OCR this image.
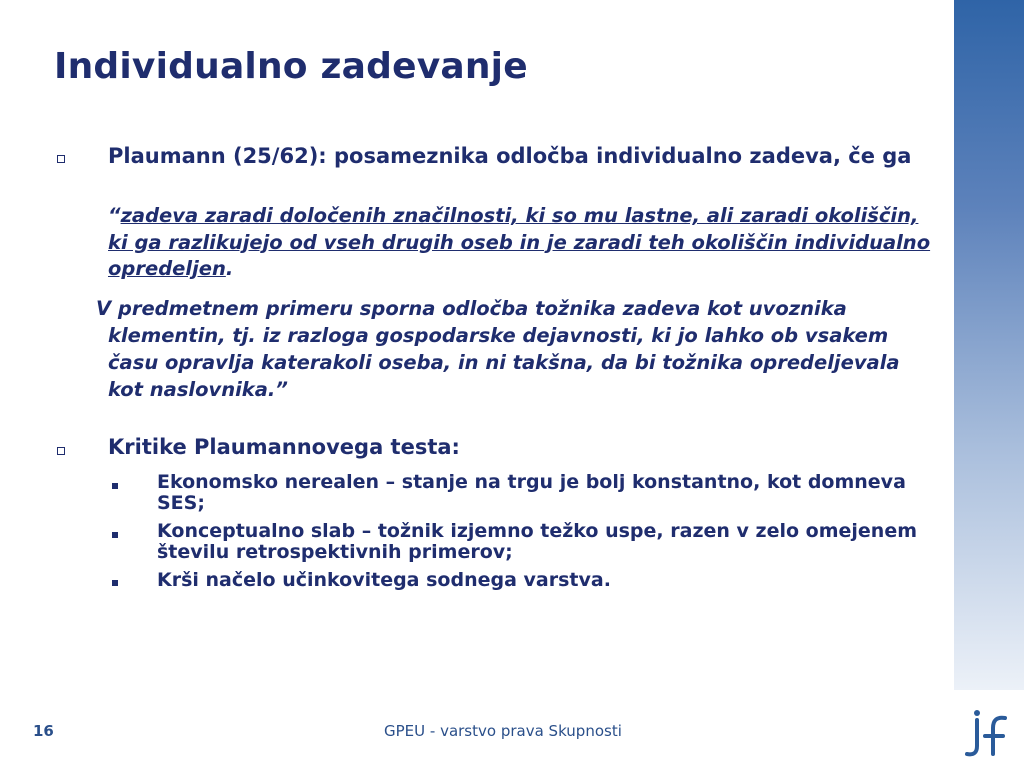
Individualno zadevanje
Plaumann (25/62): posameznika odločba individualno zadeva, če ga
“zadeva zaradi določenih značilnosti, ki so mu lastne, ali zaradi okoliščin, ki ga razlikujejo od vseh drugih oseb in je zaradi teh okoliščin individualno opredeljen.
V predmetnem primeru sporna odločba tožnika zadeva kot uvoznika klementin, tj. iz razloga gospodarske dejavnosti, ki jo lahko ob vsakem času opravlja katerakoli oseba, in ni takšna, da bi tožnika opredeljevala kot naslovnika.”
Kritike Plaumannovega testa:
Ekonomsko nerealen – stanje na trgu je bolj konstantno, kot domneva SES;
Konceptualno slab – tožnik izjemno težko uspe, razen v zelo omejenem številu retrospektivnih primerov;
Krši načelo učinkovitega sodnega varstva.
16	GPEU - varstvo prava Skupnosti
